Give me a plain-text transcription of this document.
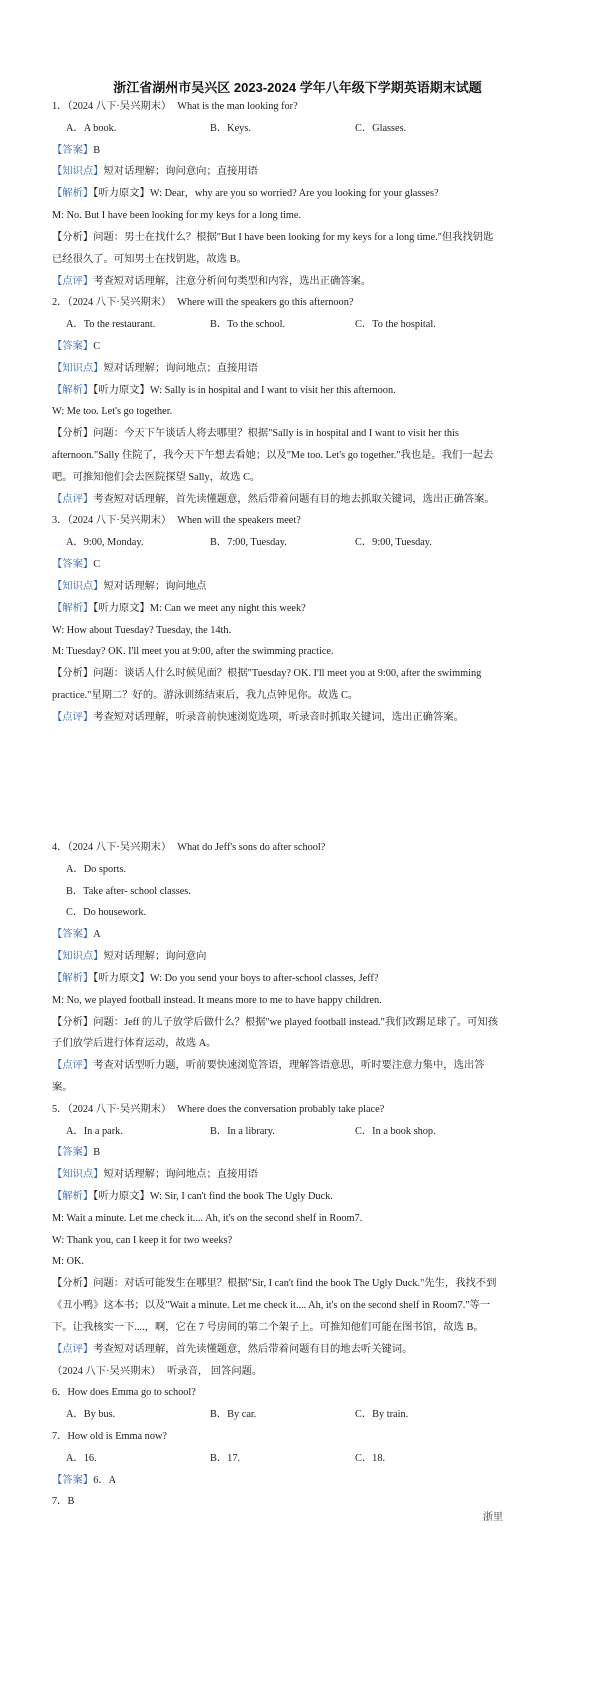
浙江省湖州市吴兴区 2023-2024 学年八年级下学期英语期末试题
1．（2024 八下·吴兴期末） What is the man looking for?
A．A book.	B．Keys.	C．Glasses.
【答案】B
【知识点】短对话理解；询问意向；直接用语
【解析】【听力原文】W: Dear，why are you so worried? Are you looking for your glasses?
M: No. But I have been looking for my keys for a long time.
【分析】问题：男士在找什么？根据"But I have been looking for my keys for a long time."但我找钥匙
已经很久了。可知男士在找钥匙，故选 B。
【点评】考查短对话理解，注意分析问句类型和内容，选出正确答案。
2．（2024 八下·吴兴期末） Where will the speakers go this afternoon?
A．To the restaurant.	B．To the school.	C．To the hospital.
【答案】C
【知识点】短对话理解；询问地点；直接用语
【解析】【听力原文】W: Sally is in hospital and I want to visit her this afternoon.
W: Me too. Let's go together.
【分析】问题：今天下午谈话人将去哪里？根据"Sally is in hospital and I want to visit her this
afternoon."Sally 住院了，我今天下午想去看她；以及"Me too. Let's go together."我也是。我们一起去
吧。可推知他们会去医院探望 Sally，故选 C。
【点评】考查短对话理解，首先读懂题意，然后带着问题有目的地去抓取关键词，选出正确答案。
3．（2024 八下·吴兴期末） When will the speakers meet?
A．9:00, Monday.	B．7:00, Tuesday.	C．9:00, Tuesday.
【答案】C
【知识点】短对话理解；询问地点
【解析】【听力原文】M: Can we meet any night this week?
W: How about Tuesday? Tuesday, the 14th.
M: Tuesday? OK. I'll meet you at 9:00, after the swimming practice.
【分析】问题：谈话人什么时候见面？根据"Tuesday? OK. I'll meet you at 9:00, after the swimming
practice."星期二？好的。游泳训练结束后，我九点钟见你。故选 C。
【点评】考查短对话理解，听录音前快速浏览选项，听录音时抓取关键词，选出正确答案。
4．（2024 八下·吴兴期末） What do Jeff's sons do after school?
A．Do sports.
B．Take after- school classes.
C．Do housework.
【答案】A
【知识点】短对话理解；询问意向
【解析】【听力原文】W: Do you send your boys to after-school classes, Jeff?
M: No, we played football instead. It means more to me to have happy children.
【分析】问题：Jeff 的儿子放学后做什么？根据"we played football instead."我们改踢足球了。可知孩
子们放学后进行体育运动，故选 A。
【点评】考查对话型听力题，听前要快速浏览答语，理解答语意思，听时要注意力集中，选出答
案。
5．（2024 八下·吴兴期末） Where does the conversation probably take place?
A．In a park.	B．In a library.	C．In a book shop.
【答案】B
【知识点】短对话理解；询问地点；直接用语
【解析】【听力原文】W: Sir, I can't find the book The Ugly Duck.
M: Wait a minute. Let me check it.... Ah, it's on the second shelf in Room7.
W: Thank you, can I keep it for two weeks?
M: OK.
【分析】问题：对话可能发生在哪里？根据"Sir, I can't find the book The Ugly Duck."先生，我找不到
《丑小鸭》这本书；以及"Wait a minute. Let me check it.... Ah, it's on the second shelf in Room7."等一
下。让我核实一下....，啊，它在 7 号房间的第二个架子上。可推知他们可能在图书馆，故选 B。
【点评】考查短对话理解，首先读懂题意，然后带着问题有目的地去听关键词。
（2024 八下·吴兴期末） 听录音， 回答问题。
6．How does Emma go to school?
A．By bus.	B．By car.	C．By train.
7．How old is Emma now?
A．16.	B．17.	C．18.
【答案】6．A
7．B
浙里
